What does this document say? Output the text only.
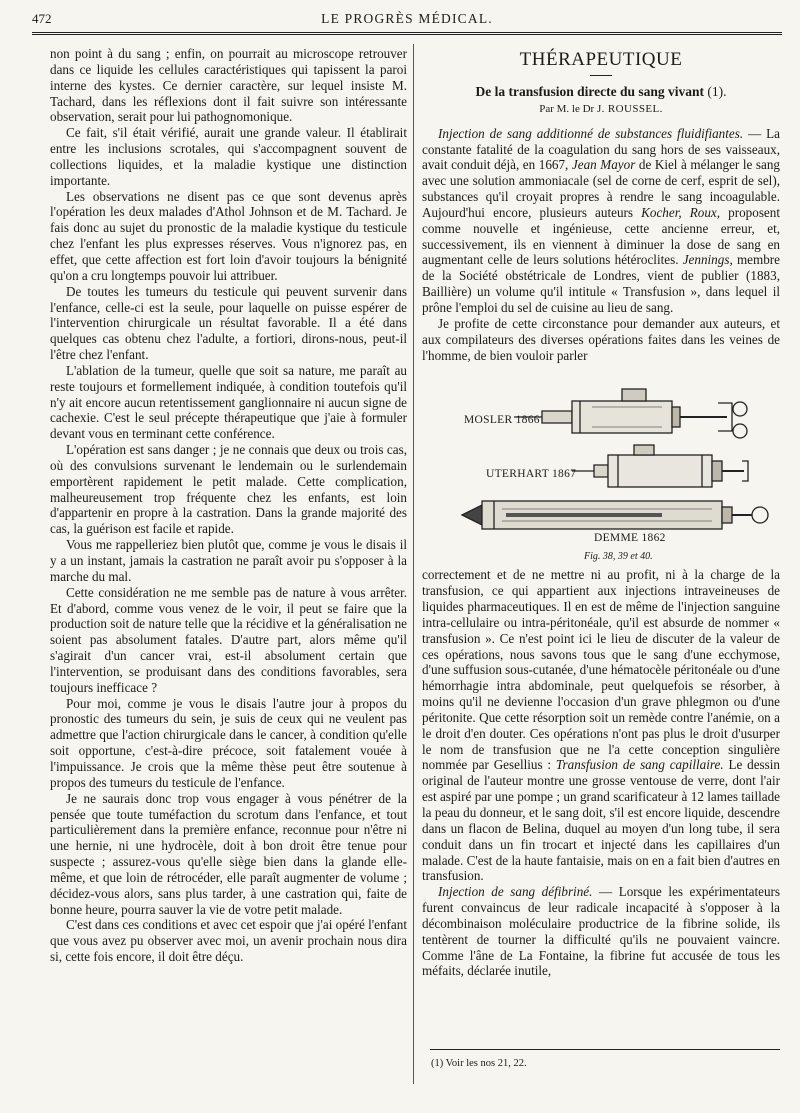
472	LE PROGRÈS MÉDICAL.

non point à du sang ; enfin, on pourrait au microscope retrouver dans ce liquide les cellules caractéristiques qui tapissent la paroi interne des kystes. Ce dernier caractère, sur lequel insiste M. Tachard, dans les réflexions dont il fait suivre son intéressante observation, serait pour lui pathognomonique.

Ce fait, s'il était vérifié, aurait une grande valeur. Il établirait entre les inclusions scrotales, qui s'accompagnent souvent de collections liquides, et la maladie kystique une distinction importante.

Les observations ne disent pas ce que sont devenus après l'opération les deux malades d'Athol Johnson et de M. Tachard. Je fais donc au sujet du pronostic de la maladie kystique du testicule chez l'enfant les plus expresses réserves. Vous n'ignorez pas, en effet, que cette affection est fort loin d'avoir toujours la bénignité qu'on a cru longtemps pouvoir lui attribuer.

De toutes les tumeurs du testicule qui peuvent survenir dans l'enfance, celle-ci est la seule, pour laquelle on puisse espérer de l'intervention chirurgicale un résultat favorable. Il a été dans quelques cas obtenu chez l'adulte, a fortiori, dirons-nous, peut-il l'être chez l'enfant.

L'ablation de la tumeur, quelle que soit sa nature, me paraît au reste toujours et formellement indiquée, à condition toutefois qu'il n'y ait encore aucun retentissement ganglionnaire ni aucun signe de cachexie. C'est le seul précepte thérapeutique que j'aie à formuler devant vous en terminant cette conférence.

L'opération est sans danger ; je ne connais que deux ou trois cas, où des convulsions survenant le lendemain ou le surlendemain emportèrent rapidement le petit malade. Cette complication, malheureusement trop fréquente chez les enfants, est loin d'appartenir en propre à la castration. Dans la grande majorité des cas, la guérison est facile et rapide.

Vous me rappelleriez bien plutôt que, comme je vous le disais il y a un instant, jamais la castration ne paraît avoir pu s'opposer à la marche du mal.

Cette considération ne me semble pas de nature à vous arrêter. Et d'abord, comme vous venez de le voir, il peut se faire que la production soit de nature telle que la récidive et la généralisation ne soient pas absolument fatales. D'autre part, alors même qu'il s'agirait d'un cancer vrai, est-il absolument certain que l'intervention, se produisant dans des conditions favorables, sera toujours inefficace ?

Pour moi, comme je vous le disais l'autre jour à propos du pronostic des tumeurs du sein, je suis de ceux qui ne veulent pas admettre que l'action chirurgicale dans le cancer, à condition qu'elle soit opportune, c'est-à-dire précoce, soit fatalement vouée à l'impuissance. Je crois que la même thèse peut être soutenue à propos des tumeurs du testicule de l'enfance.

Je ne saurais donc trop vous engager à vous pénétrer de la pensée que toute tuméfaction du scrotum dans l'enfance, et tout particulièrement dans la première enfance, reconnue pour n'être ni une hernie, ni une hydrocèle, doit à bon droit être tenue pour suspecte ; assurez-vous qu'elle siège bien dans la glande elle-même, et que loin de rétrocéder, elle paraît augmenter de volume ; décidez-vous alors, sans plus tarder, à une castration qui, faite de bonne heure, pourra sauver la vie de votre petit malade.

C'est dans ces conditions et avec cet espoir que j'ai opéré l'enfant que vous avez pu observer avec moi, un avenir prochain nous dira si, cette fois encore, il doit être déçu.

THÉRAPEUTIQUE
De la transfusion directe du sang vivant (1).
Par M. le Dr J. ROUSSEL.

Injection de sang additionné de substances fluidifiantes. — La constante fatalité de la coagulation du sang hors de ses vaisseaux, avait conduit déjà, en 1667, Jean Mayor de Kiel à mélanger le sang avec une solution ammoniacale (sel de corne de cerf, esprit de sel), substances qu'il croyait propres à rendre le sang incoagulable. Aujourd'hui encore, plusieurs auteurs Kocher, Roux, proposent comme nouvelle et ingénieuse, cette ancienne erreur, et, successivement, ils en viennent à diminuer la dose de sang en augmentant celle de leurs solutions hétéroclites. Jennings, membre de la Société obstétricale de Londres, vient de publier (1883, Baillière) un volume qu'il intitule « Transfusion », dans lequel il prône l'emploi du sel de cuisine au lieu de sang.

Je profite de cette circonstance pour demander aux auteurs, et aux compilateurs des diverses opérations faites dans les veines de l'homme, de bien vouloir parler

MOSLER 1866
UTERHART 1867
DEMME 1862
Fig. 38, 39 et 40.

correctement et de ne mettre ni au profit, ni à la charge de la transfusion, ce qui appartient aux injections intraveineuses de liquides pharmaceutiques. Il en est de même de l'injection sanguine intra-cellulaire ou intra-péritonéale, qu'il est absurde de nommer « transfusion ». Ce n'est point ici le lieu de discuter de la valeur de ces opérations, nous savons tous que le sang d'une ecchymose, d'une suffusion sous-cutanée, d'une hématocèle péritonéale ou d'une hémorrhagie intra abdominale, peut quelquefois se résorber, à moins qu'il ne devienne l'occasion d'un grave phlegmon ou d'une péritonite. Que cette résorption soit un remède contre l'anémie, on a le droit d'en douter. Ces opérations n'ont pas plus le droit d'usurper le nom de transfusion que ne l'a cette conception singulière nommée par Gesellius : Transfusion de sang capillaire. Le dessin original de l'auteur montre une grosse ventouse de verre, dont l'air est aspiré par une pompe ; un grand scarificateur à 12 lames taillade la peau du donneur, et le sang doit, s'il est encore liquide, descendre dans un flacon de Belina, duquel au moyen d'un long tube, il sera conduit dans un fin trocart et injecté dans les capillaires d'un malade. C'est de la haute fantaisie, mais on en a fait bien d'autres en transfusion.

Injection de sang défibriné. — Lorsque les expérimentateurs furent convaincus de leur radicale incapacité à s'opposer à la décombinaison moléculaire productrice de la fibrine solide, ils tentèrent de tourner la difficulté qu'ils ne pouvaient vaincre. Comme l'âne de La Fontaine, la fibrine fut accusée de tous les méfaits, déclarée inutile,

(1) Voir les nos 21, 22.
